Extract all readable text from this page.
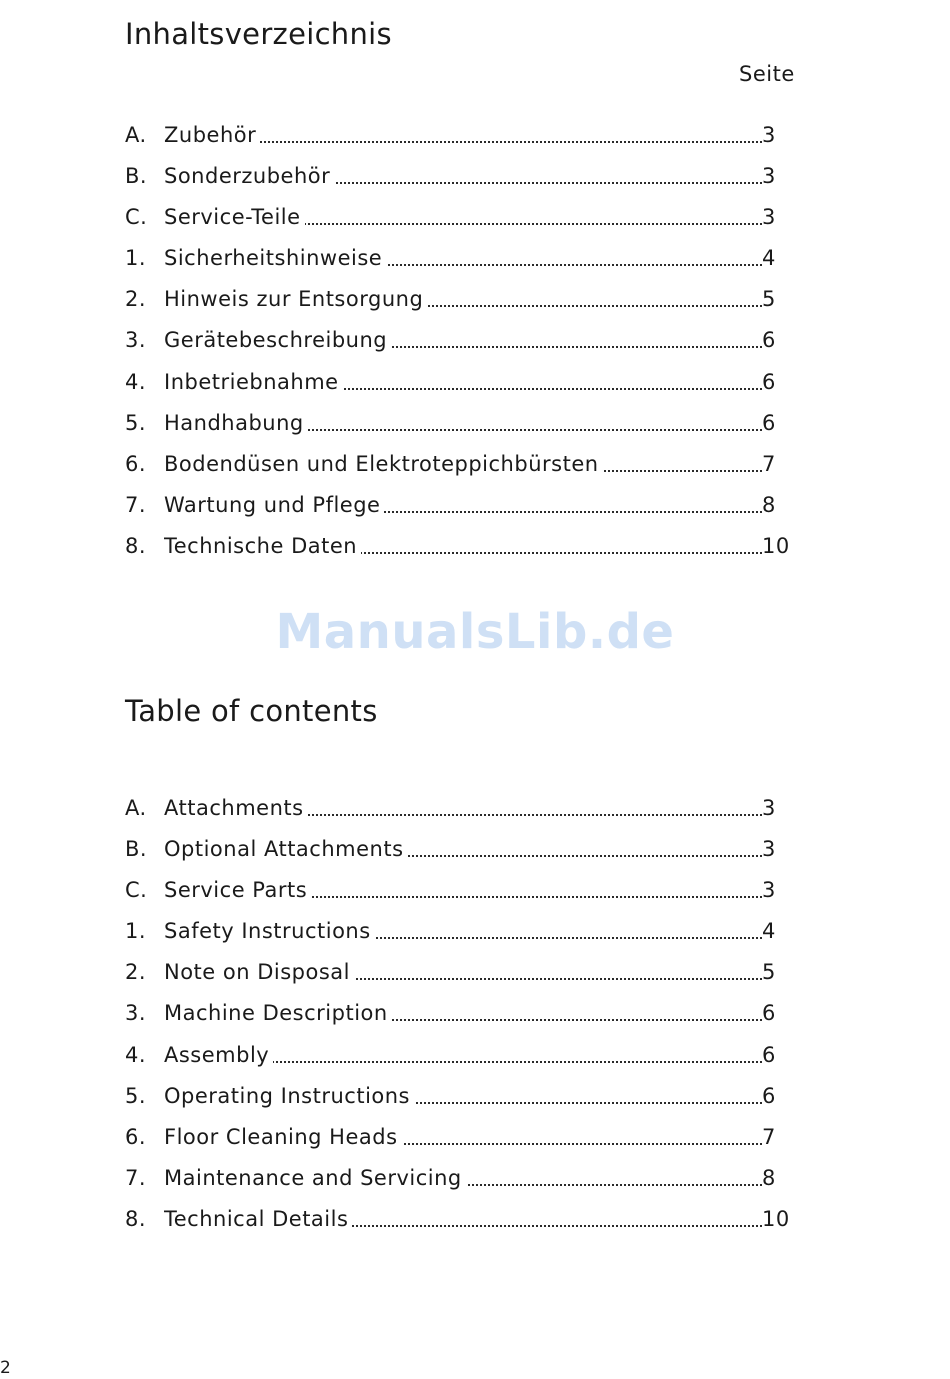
Inhaltsverzeichnis
Seite
A. Zubehör	3
B. Sonderzubehör	3
C. Service-Teile	3
1. Sicherheitshinweise	4
2. Hinweis zur Entsorgung	5
3. Gerätebeschreibung	6
4. Inbetriebnahme	6
5. Handhabung	6
6. Bodendüsen und Elektroteppichbürsten	7
7. Wartung und Pflege	8
8. Technische Daten	10
ManualsLib.de
Table of contents
A. Attachments	3
B. Optional Attachments	3
C. Service Parts	3
1. Safety Instructions	4
2. Note on Disposal	5
3. Machine Description	6
4. Assembly	6
5. Operating Instructions	6
6. Floor Cleaning Heads	7
7. Maintenance and Servicing	8
8. Technical Details	10
2
